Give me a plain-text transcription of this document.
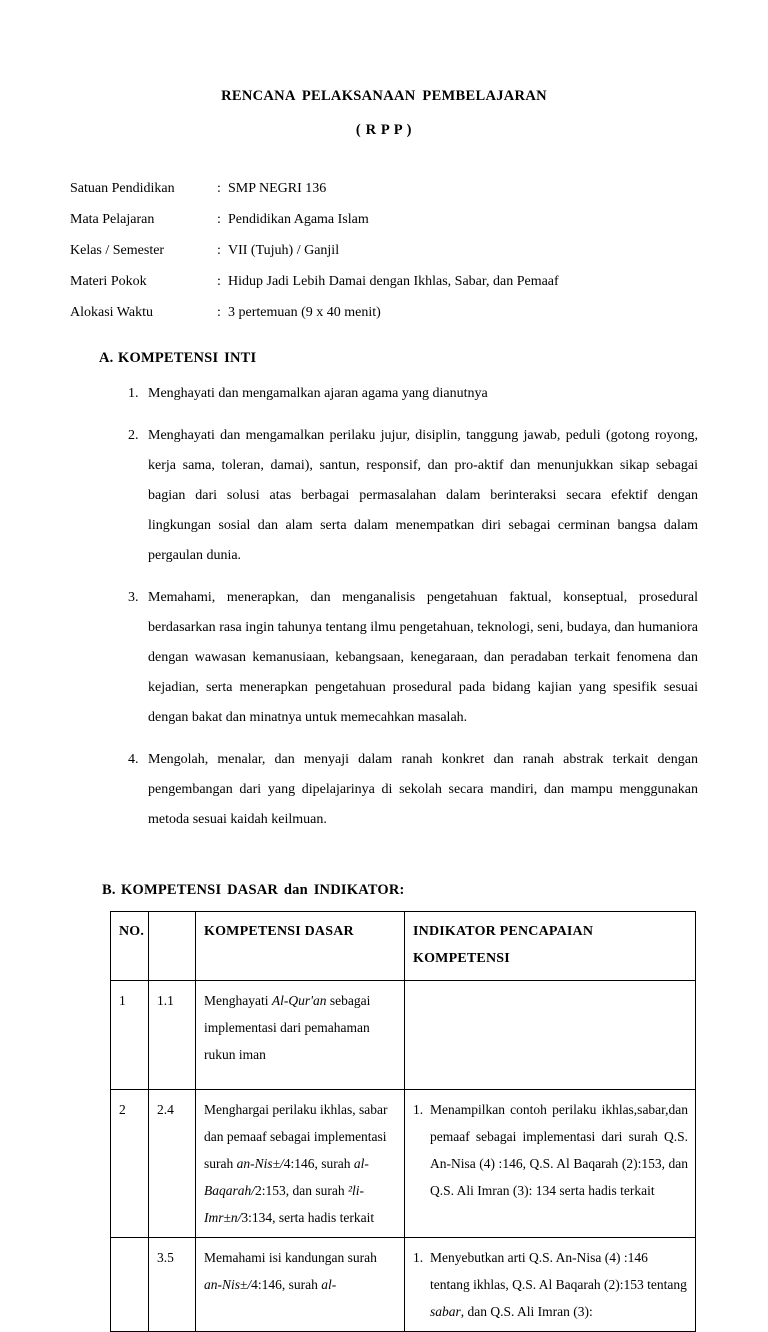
RENCANA PELAKSANAAN PEMBELAJARAN
( R P P )
Satuan Pendidikan	: SMP NEGRI 136
Mata Pelajaran	: Pendidikan Agama Islam
Kelas / Semester	: VII (Tujuh) / Ganjil
Materi Pokok	: Hidup Jadi Lebih Damai dengan Ikhlas, Sabar, dan Pemaaf
Alokasi Waktu	: 3 pertemuan (9 x 40 menit)
A. KOMPETENSI INTI
1. Menghayati dan mengamalkan ajaran agama yang dianutnya
2. Menghayati dan mengamalkan perilaku jujur, disiplin, tanggung jawab, peduli (gotong royong, kerja sama, toleran, damai), santun, responsif, dan pro-aktif dan menunjukkan sikap sebagai bagian dari solusi atas berbagai permasalahan dalam berinteraksi secara efektif dengan lingkungan sosial dan alam serta dalam menempatkan diri sebagai cerminan bangsa dalam pergaulan dunia.
3. Memahami, menerapkan, dan menganalisis pengetahuan faktual, konseptual, prosedural berdasarkan rasa ingin tahunya tentang ilmu pengetahuan, teknologi, seni, budaya, dan humaniora dengan wawasan kemanusiaan, kebangsaan, kenegaraan, dan peradaban terkait fenomena dan kejadian, serta menerapkan pengetahuan prosedural pada bidang kajian yang spesifik sesuai dengan bakat dan minatnya untuk memecahkan masalah.
4. Mengolah, menalar, dan menyaji dalam ranah konkret dan ranah abstrak terkait dengan pengembangan dari yang dipelajarinya di sekolah secara mandiri, dan mampu menggunakan metoda sesuai kaidah keilmuan.
B. KOMPETENSI DASAR dan INDIKATOR:
NO.		KOMPETENSI DASAR	INDIKATOR PENCAPAIAN KOMPETENSI
1	1.1	Menghayati Al-Qur'an sebagai implementasi dari pemahaman rukun iman	
2	2.4	Menghargai perilaku ikhlas, sabar dan pemaaf sebagai implementasi surah an-Nis±/4:146, surah al-Baqarah/2:153, dan surah ²li-Imr±n/3:134, serta hadis terkait	1. Menampilkan contoh perilaku ikhlas,sabar,dan pemaaf sebagai implementasi dari surah Q.S. An-Nisa (4) :146, Q.S. Al Baqarah (2):153, dan Q.S. Ali Imran (3): 134 serta hadis terkait

	3.5	Memahami isi kandungan surah an-Nis±/4:146, surah al-	1. Menyebutkan arti Q.S. An-Nisa (4) :146 tentang ikhlas, Q.S. Al Baqarah (2):153 tentang sabar, dan Q.S. Ali Imran (3):
